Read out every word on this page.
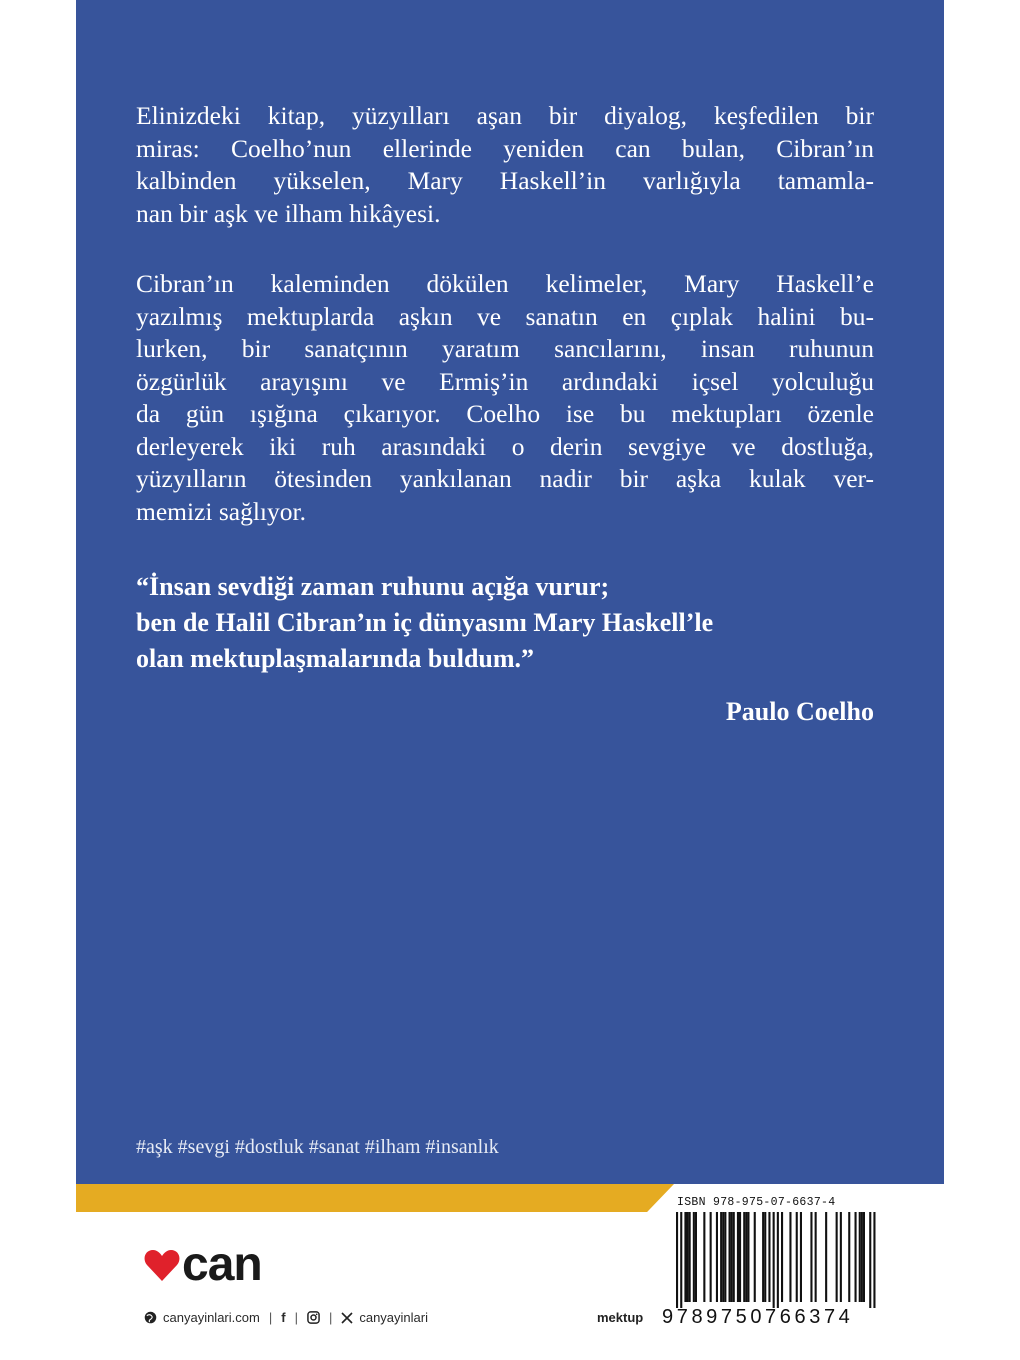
Elinizdeki kitap, yüzyılları aşan bir diyalog, keşfedilen bir
miras: Coelho’nun ellerinde yeniden can bulan, Cibran’ın
kalbinden yükselen, Mary Haskell’in varlığıyla tamamla-
nan bir aşk ve ilham hikâyesi.

Cibran’ın kaleminden dökülen kelimeler, Mary Haskell’e
yazılmış mektuplarda aşkın ve sanatın en çıplak halini bu-
lurken, bir sanatçının yaratım sancılarını, insan ruhunun
özgürlük arayışını ve Ermiş’in ardındaki içsel yolculuğu
da gün ışığına çıkarıyor. Coelho ise bu mektupları özenle
derleyerek iki ruh arasındaki o derin sevgiye ve dostluğa,
yüzyılların ötesinden yankılanan nadir bir aşka kulak ver-
memizi sağlıyor.

“İnsan sevdiği zaman ruhunu açığa vurur;
ben de Halil Cibran’ın iç dünyasını Mary Haskell’le
olan mektuplaşmalarında buldum.”
Paulo Coelho
#aşk #sevgi #dostluk #sanat #ilham #insanlık
can
canyayinlari.com | f | | canyayinlari	mektup
ISBN 978-975-07-6637-4
9789750766374
